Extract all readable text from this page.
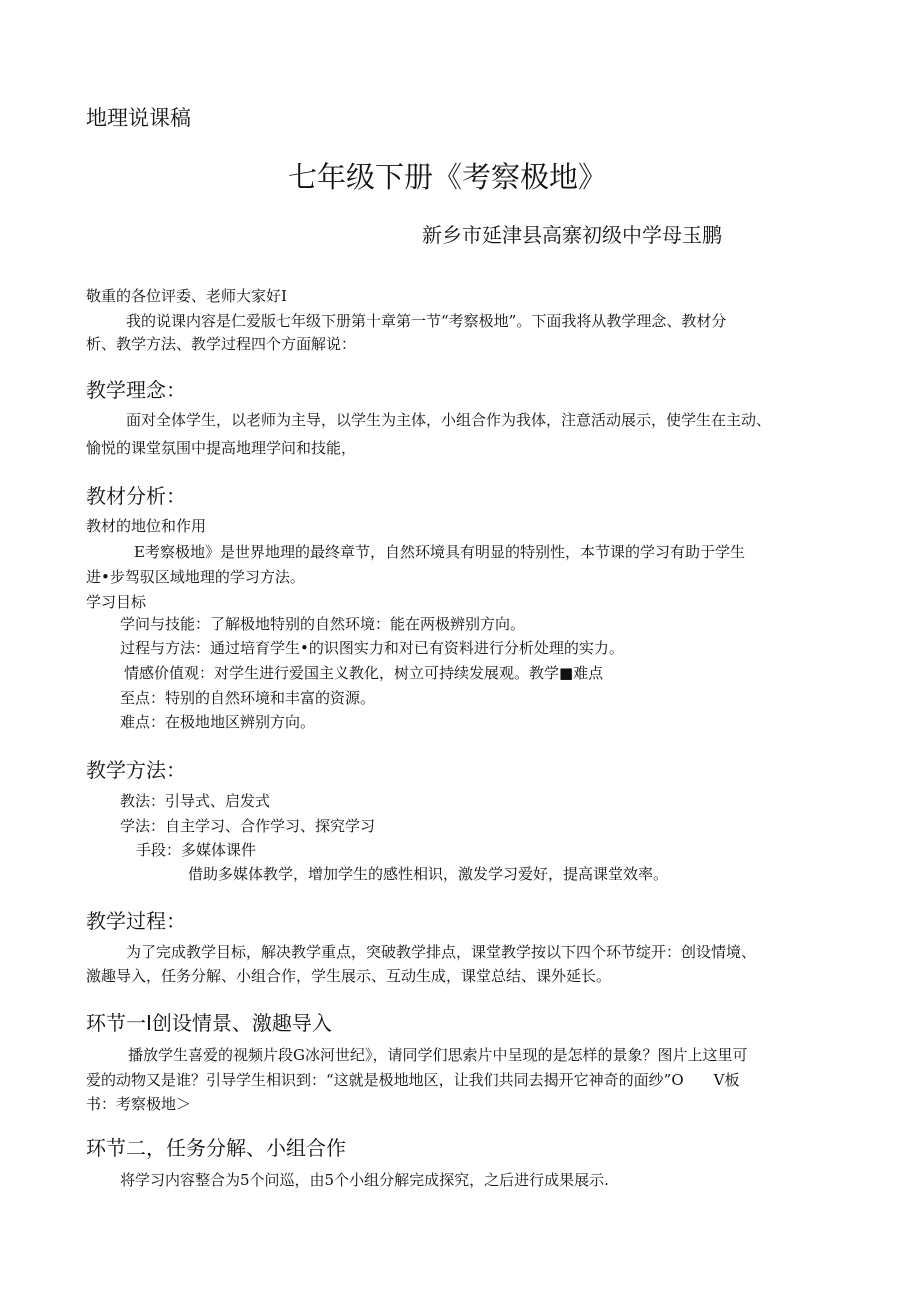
地理说课稿
七年级下册《考察极地》
新乡市延津县高寨初级中学母玉鹏
敬重的各位评委、老师大家好I
我的说课内容是仁爱版七年级下册第十章第一节“考察极地”。下面我将从教学理念、教材分
析、教学方法、教学过程四个方面解说：
教学理念：
面对全体学生，以老师为主导，以学生为主体，小组合作为我体，注意活动展示，使学生在主动、
愉悦的课堂氛围中提高地理学问和技能，
教材分析：
教材的地位和作用
E考察极地》是世界地理的最终章节，自然环境具有明显的特别性，本节课的学习有助于学生
进•步驾驭区域地理的学习方法。
学习目标
学问与技能：了解极地特别的自然环境：能在两极辨别方向。
过程与方法：通过培育学生•的识图实力和对已有资料进行分析处理的实力。
情感价值观：对学生进行爱国主义教化，树立可持续发展观。教学■难点
至点：特别的自然环境和丰富的资源。
难点：在极地地区辨别方向。
教学方法：
教法：引导式、启发式
学法：自主学习、合作学习、探究学习
手段：多媒体课件
借助多媒体教学，增加学生的感性相识，激发学习爱好，提高课堂效率。
教学过程：
为了完成教学目标，解决教学重点，突破教学排点，课堂教学按以下四个环节绽开：创设情境、
激趣导入，任务分解、小组合作，学生展示、互动生成，课堂总结、课外延长。
环节一I创设情景、激趣导入
播放学生喜爱的视频片段G冰河世纪》，请同学们思索片中呈现的是怎样的景象？图片上这里可
爱的动物又是谁？引导学生相识到：“这就是极地地区，让我们共同去揭开它神奇的面纱”O　　V板
书：考察极地＞
环节二，任务分解、小组合作
将学习内容整合为5个问巡，由5个小组分解完成探究，之后进行成果展示.
